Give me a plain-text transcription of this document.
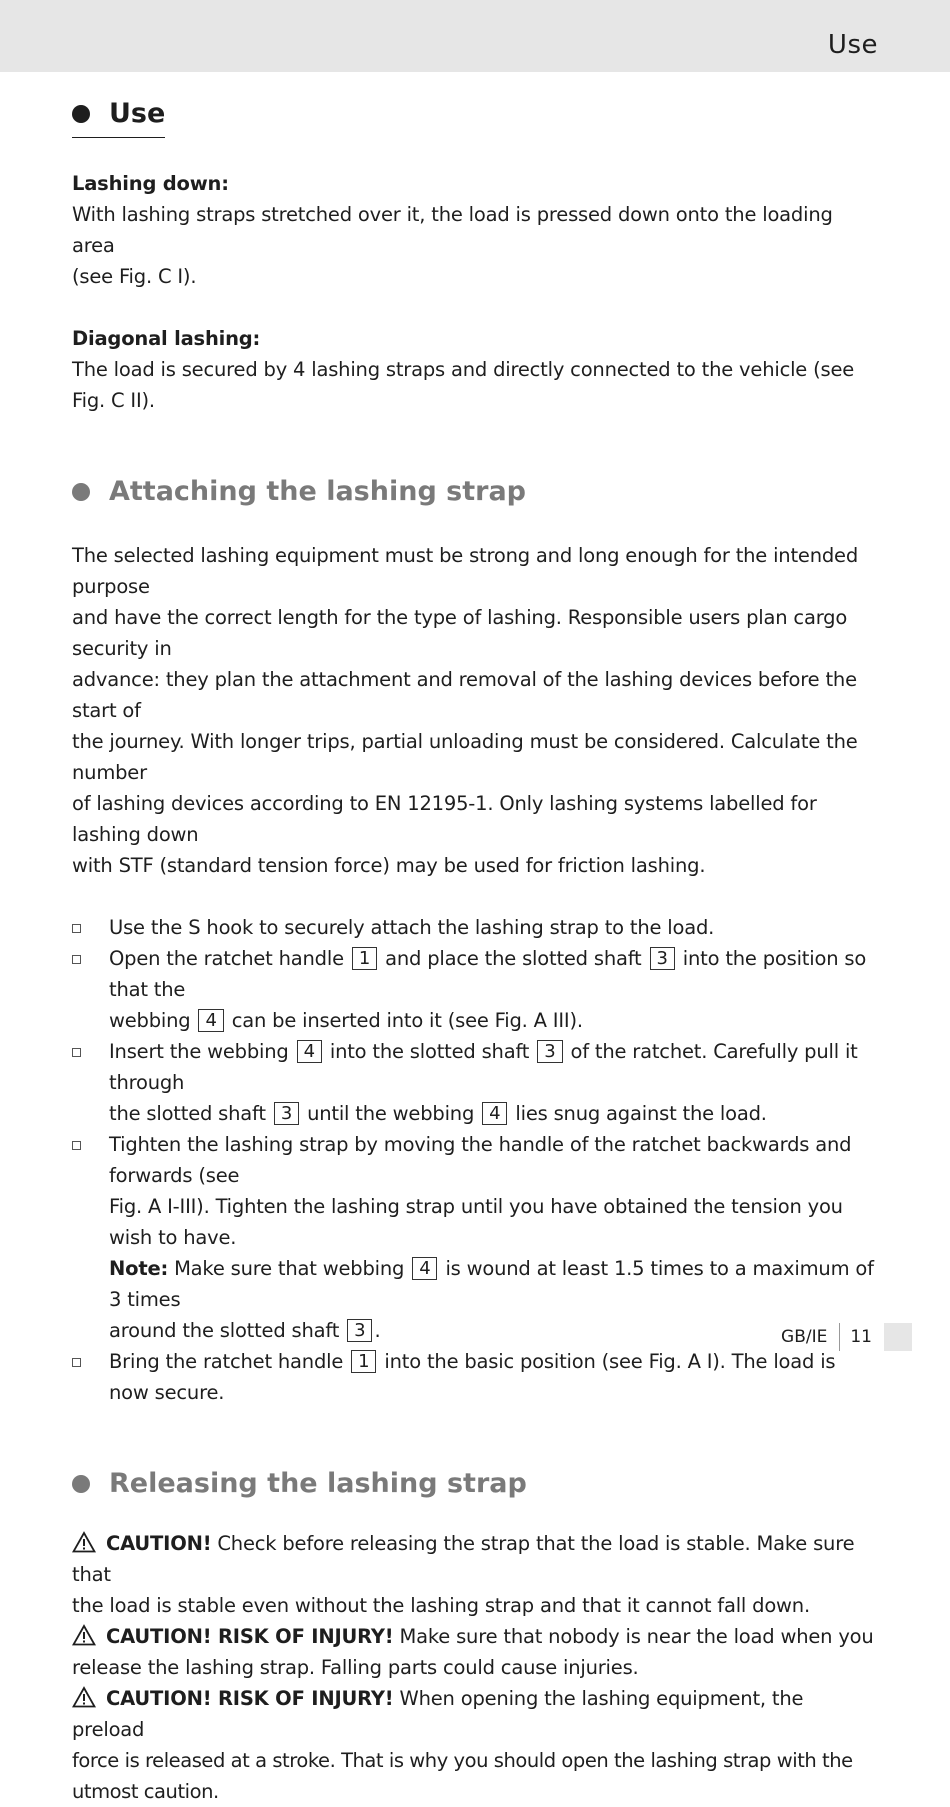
Use
Use

Lashing down:
With lashing straps stretched over it, the load is pressed down onto the loading area
(see Fig. C I).

Diagonal lashing:
The load is secured by 4 lashing straps and directly connected to the vehicle (see Fig. C II).

Attaching the lashing strap

The selected lashing equipment must be strong and long enough for the intended purpose
and have the correct length for the type of lashing. Responsible users plan cargo security in
advance: they plan the attachment and removal of the lashing devices before the start of
the journey. With longer trips, partial unloading must be considered. Calculate the number
of lashing devices according to EN 12195-1. Only lashing systems labelled for lashing down
with STF (standard tension force) may be used for friction lashing.

Use the S hook to securely attach the lashing strap to the load.
Open the ratchet handle 1 and place the slotted shaft 3 into the position so that the
webbing 4 can be inserted into it (see Fig. A III).
Insert the webbing 4 into the slotted shaft 3 of the ratchet. Carefully pull it through
the slotted shaft 3 until the webbing 4 lies snug against the load.
Tighten the lashing strap by moving the handle of the ratchet backwards and forwards (see
Fig. A I-III). Tighten the lashing strap until you have obtained the tension you wish to have.
Note: Make sure that webbing 4 is wound at least 1.5 times to a maximum of 3 times
around the slotted shaft 3 .
Bring the ratchet handle 1 into the basic position (see Fig. A I). The load is now secure.
Releasing the lashing strap

CAUTION! Check before releasing the strap that the load is stable. Make sure that
the load is stable even without the lashing strap and that it cannot fall down.
CAUTION! RISK OF INJURY! Make sure that nobody is near the load when you
release the lashing strap. Falling parts could cause injuries.
CAUTION! RISK OF INJURY! When opening the lashing equipment, the preload
force is released at a stroke. That is why you should open the lashing strap with the utmost caution.

GB/IE	11
